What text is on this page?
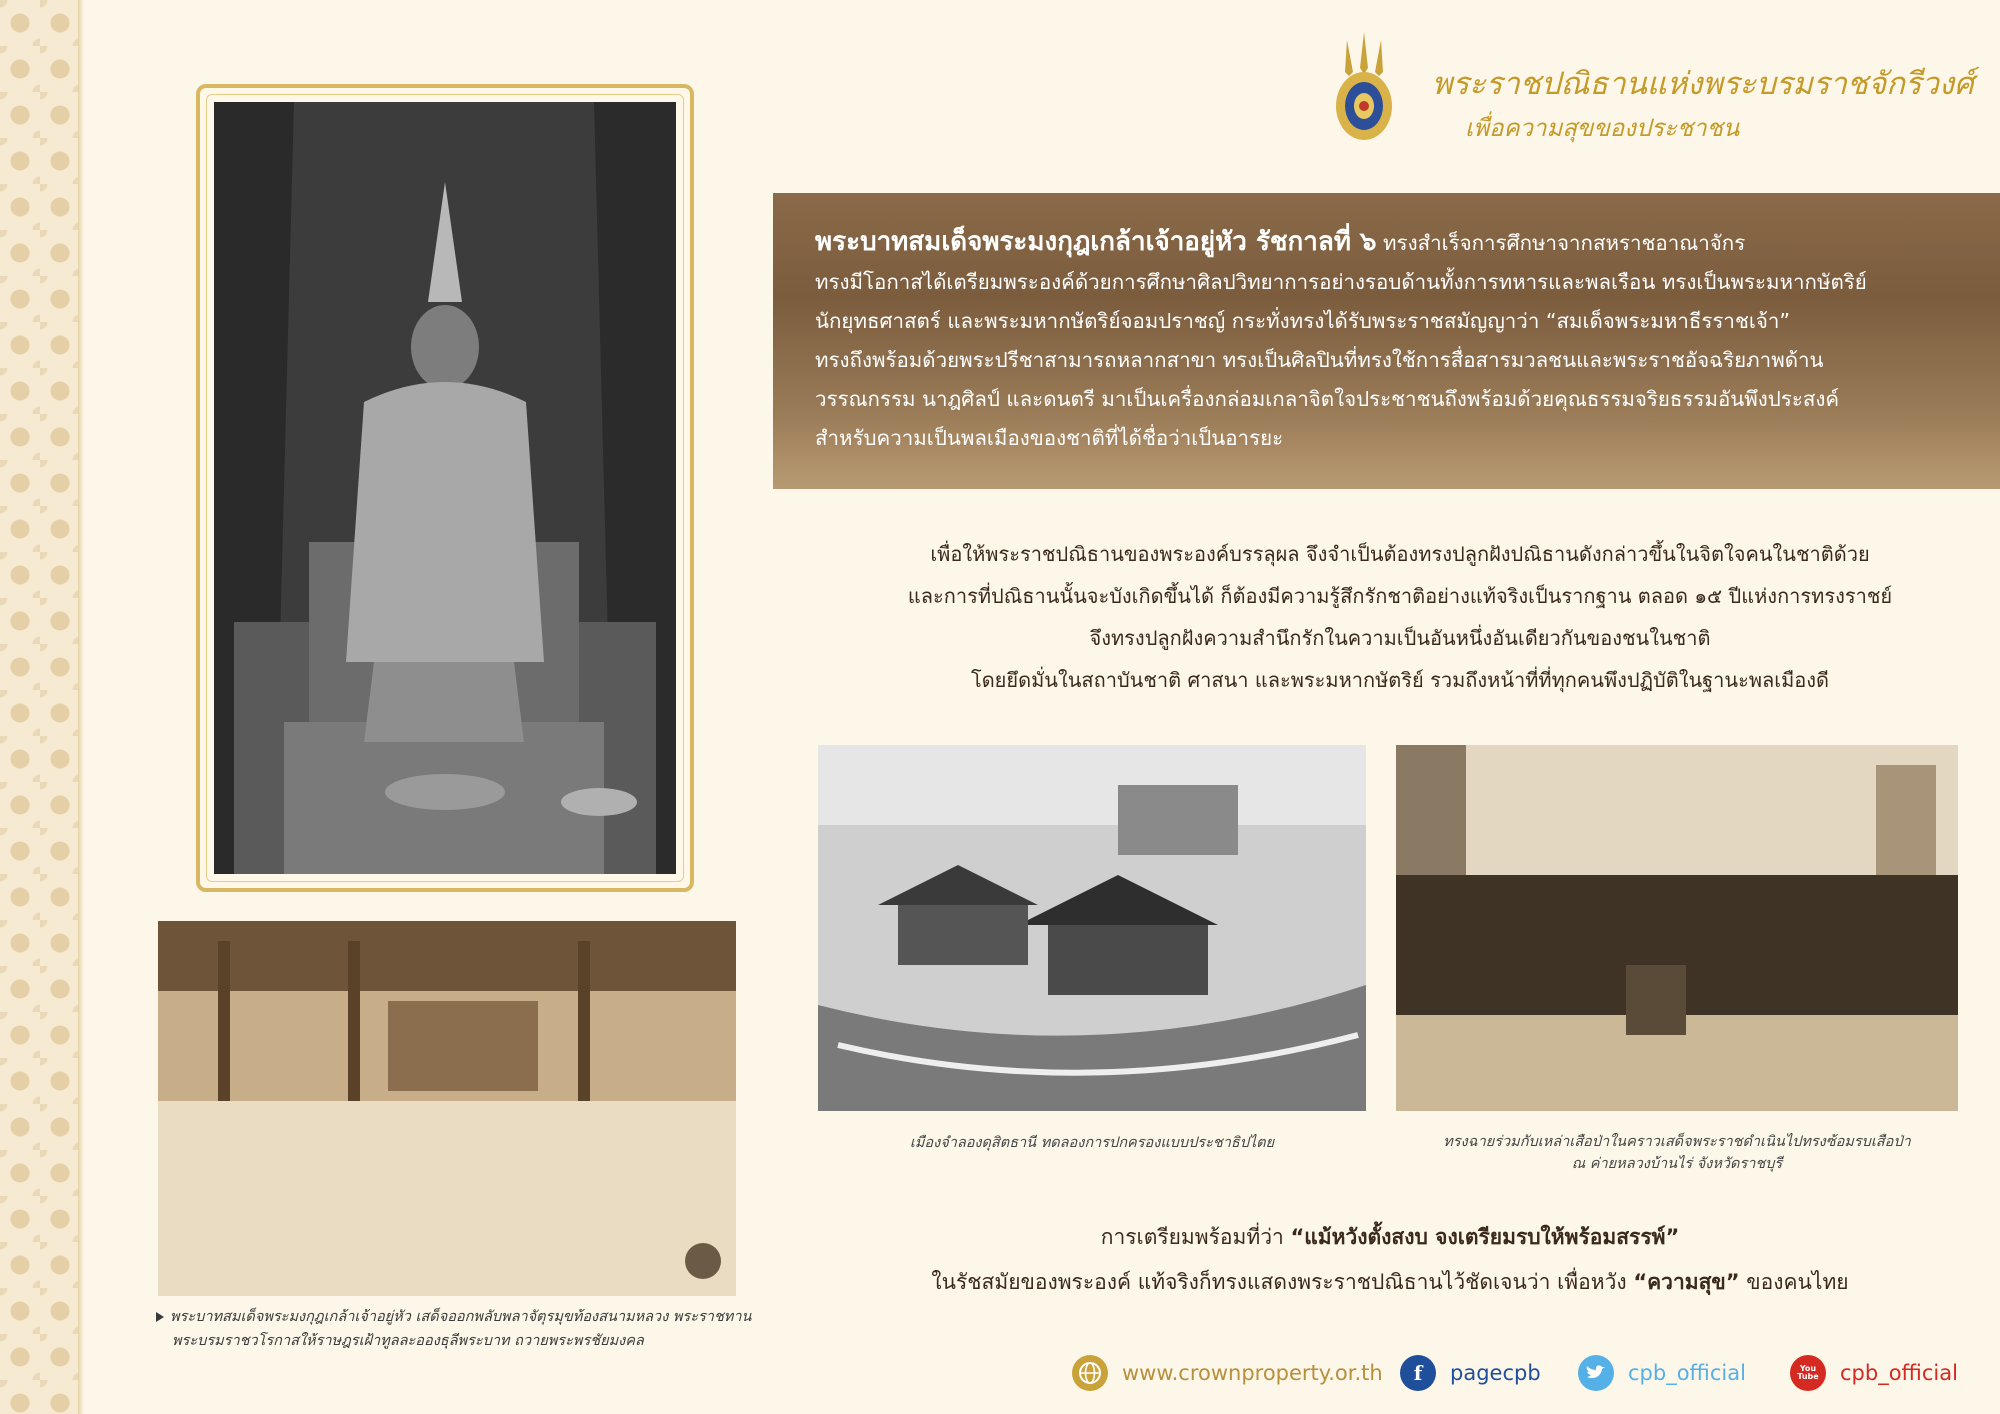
พระราชปณิธานแห่งพระบรมราชจักรีวงศ์
เพื่อความสุขของประชาชน

พระบาทสมเด็จพระมงกุฎเกล้าเจ้าอยู่หัว รัชกาลที่ ๖ ทรงสำเร็จการศึกษาจากสหราชอาณาจักร

ทรงมีโอกาสได้เตรียมพระองค์ด้วยการศึกษาศิลปวิทยาการอย่างรอบด้านทั้งการทหารและพลเรือน ทรงเป็นพระมหากษัตริย์

นักยุทธศาสตร์ และพระมหากษัตริย์จอมปราชญ์ กระทั่งทรงได้รับพระราชสมัญญาว่า “สมเด็จพระมหาธีรราชเจ้า”

ทรงถึงพร้อมด้วยพระปรีชาสามารถหลากสาขา ทรงเป็นศิลปินที่ทรงใช้การสื่อสารมวลชนและพระราชอัจฉริยภาพด้าน

วรรณกรรม นาฎศิลป์ และดนตรี มาเป็นเครื่องกล่อมเกลาจิตใจประชาชนถึงพร้อมด้วยคุณธรรมจริยธรรมอันพึงประสงค์

สำหรับความเป็นพลเมืองของชาติที่ได้ชื่อว่าเป็นอารยะ

เพื่อให้พระราชปณิธานของพระองค์บรรลุผล จึงจำเป็นต้องทรงปลูกฝังปณิธานดังกล่าวขึ้นในจิตใจคนในชาติด้วย

และการที่ปณิธานนั้นจะบังเกิดขึ้นได้ ก็ต้องมีความรู้สึกรักชาติอย่างแท้จริงเป็นรากฐาน ตลอด ๑๕ ปีแห่งการทรงราชย์

จึงทรงปลูกฝังความสำนึกรักในความเป็นอันหนึ่งอันเดียวกันของชนในชาติ

โดยยึดมั่นในสถาบันชาติ ศาสนา และพระมหากษัตริย์ รวมถึงหน้าที่ที่ทุกคนพึงปฏิบัติในฐานะพลเมืองดี

เมืองจำลองดุสิตธานี ทดลองการปกครองแบบประชาธิปไตย	ทรงฉายร่วมกับเหล่าเสือป่าในคราวเสด็จพระราชดำเนินไปทรงซ้อมรบเสือป่า
ณ ค่ายหลวงบ้านไร่ จังหวัดราชบุรี
พระบาทสมเด็จพระมงกุฎเกล้าเจ้าอยู่หัว เสด็จออกพลับพลาจัตุรมุขท้องสนามหลวง พระราชทาน
พระบรมราชวโรกาสให้ราษฎรเฝ้าทูลละอองธุลีพระบาท ถวายพระพรชัยมงคล

การเตรียมพร้อมที่ว่า “แม้หวังตั้งสงบ จงเตรียมรบให้พร้อมสรรพ์”

ในรัชสมัยของพระองค์ แท้จริงก็ทรงแสดงพระราชปณิธานไว้ชัดเจนว่า เพื่อหวัง “ความสุข” ของคนไทย

www.crownproperty.or.th	f	pagecpb	cpb_official	You Tube	cpb_official
